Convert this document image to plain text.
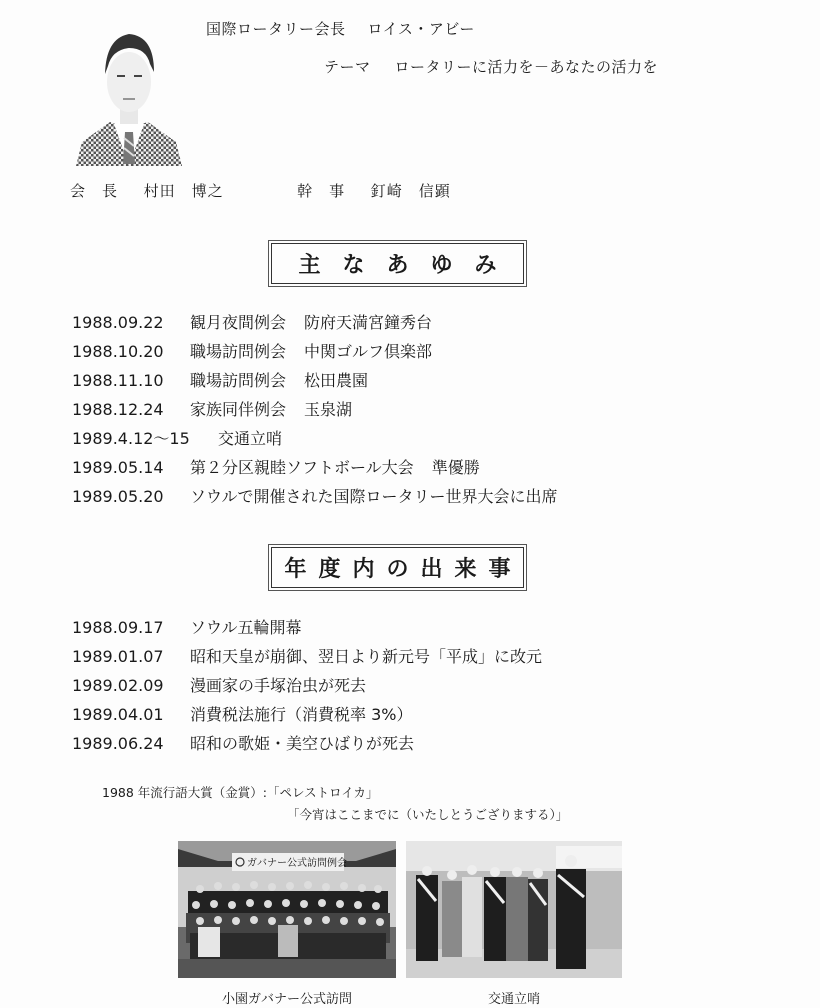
国際ロータリー会長 ロイス・アビー
テーマ ロータリーに活力を－あなたの活力を
会　長 村田　博之	幹　事 釘崎　信顕
主なあゆみ
1988.09.22 観月夜間例会 防府天満宮鐘秀台
1988.10.20 職場訪問例会 中関ゴルフ倶楽部
1988.11.10 職場訪問例会 松田農園
1988.12.24 家族同伴例会 玉泉湖
1989.4.12～15 交通立哨
1989.05.14 第２分区親睦ソフトボール大会 準優勝
1989.05.20 ソウルで開催された国際ロータリー世界大会に出席
年度内の出来事
1988.09.17 ソウル五輪開幕
1989.01.07 昭和天皇が崩御、翌日より新元号「平成」に改元
1989.02.09 漫画家の手塚治虫が死去
1989.04.01 消費税法施行（消費税率 3%）
1989.06.24 昭和の歌姫・美空ひばりが死去
1988 年流行語大賞（金賞）:「ペレストロイカ」
「今宵はここまでに（いたしとうござりまする）」
ガバナー公式訪問例会
小園ガバナー公式訪問	交通立哨
